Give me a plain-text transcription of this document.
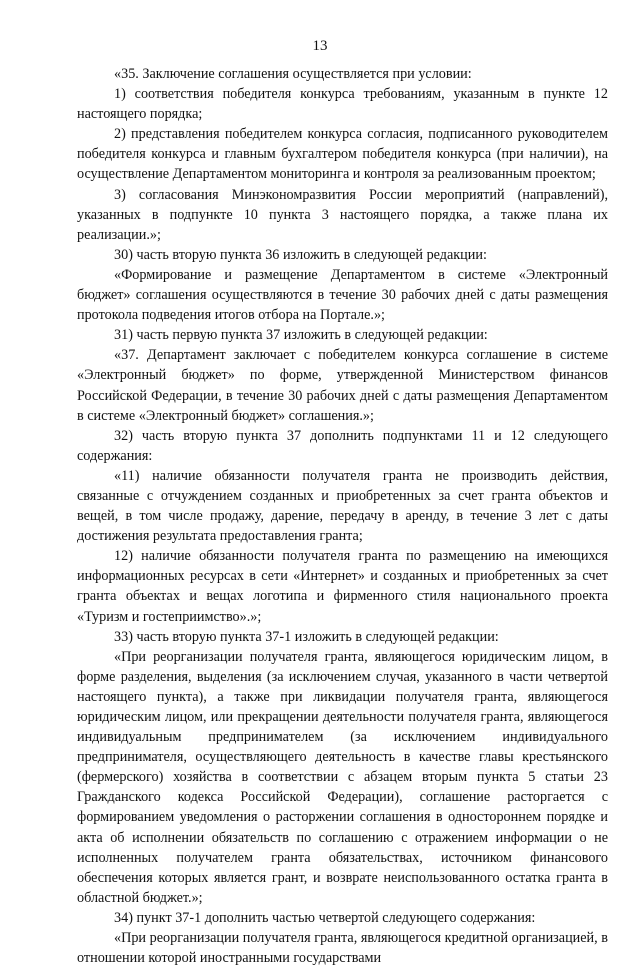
13

«35. Заключение соглашения осуществляется при условии:

1) соответствия победителя конкурса требованиям, указанным в пункте 12 настоящего порядка;

2) представления победителем конкурса согласия, подписанного руководителем победителя конкурса и главным бухгалтером победителя конкурса (при наличии), на осуществление Департаментом мониторинга и контроля за реализованным проектом;

3) согласования Минэкономразвития России мероприятий (направлений), указанных в подпункте 10 пункта 3 настоящего порядка, а также плана их реализации.»;

30) часть вторую пункта 36 изложить в следующей редакции:

«Формирование и размещение Департаментом в системе «Электронный бюджет» соглашения осуществляются в течение 30 рабочих дней с даты размещения протокола подведения итогов отбора на Портале.»;

31) часть первую пункта 37 изложить в следующей редакции:

«37. Департамент заключает с победителем конкурса соглашение в системе «Электронный бюджет» по форме, утвержденной Министерством финансов Российской Федерации, в течение 30 рабочих дней с даты размещения Департаментом в системе «Электронный бюджет» соглашения.»;

32) часть вторую пункта 37 дополнить подпунктами 11 и 12 следующего содержания:

«11) наличие обязанности получателя гранта не производить действия, связанные с отчуждением созданных и приобретенных за счет гранта объектов и вещей, в том числе продажу, дарение, передачу в аренду, в течение 3 лет с даты достижения результата предоставления гранта;

12) наличие обязанности получателя гранта по размещению на имеющихся информационных ресурсах в сети «Интернет» и созданных и приобретенных за счет гранта объектах и вещах логотипа и фирменного стиля национального проекта «Туризм и гостеприимство».»;

33) часть вторую пункта 37-1 изложить в следующей редакции:

«При реорганизации получателя гранта, являющегося юридическим лицом, в форме разделения, выделения (за исключением случая, указанного в части четвертой настоящего пункта), а также при ликвидации получателя гранта, являющегося юридическим лицом, или прекращении деятельности получателя гранта, являющегося индивидуальным предпринимателем (за исключением индивидуального предпринимателя, осуществляющего деятельность в качестве главы крестьянского (фермерского) хозяйства в соответствии с абзацем вторым пункта 5 статьи 23 Гражданского кодекса Российской Федерации), соглашение расторгается с формированием уведомления о расторжении соглашения в одностороннем порядке и акта об исполнении обязательств по соглашению с отражением информации о не исполненных получателем гранта обязательствах, источником финансового обеспечения которых является грант, и возврате неиспользованного остатка гранта в областной бюджет.»;

34) пункт 37-1 дополнить частью четвертой следующего содержания:

«При реорганизации получателя гранта, являющегося кредитной организацией, в отношении которой иностранными государствами
